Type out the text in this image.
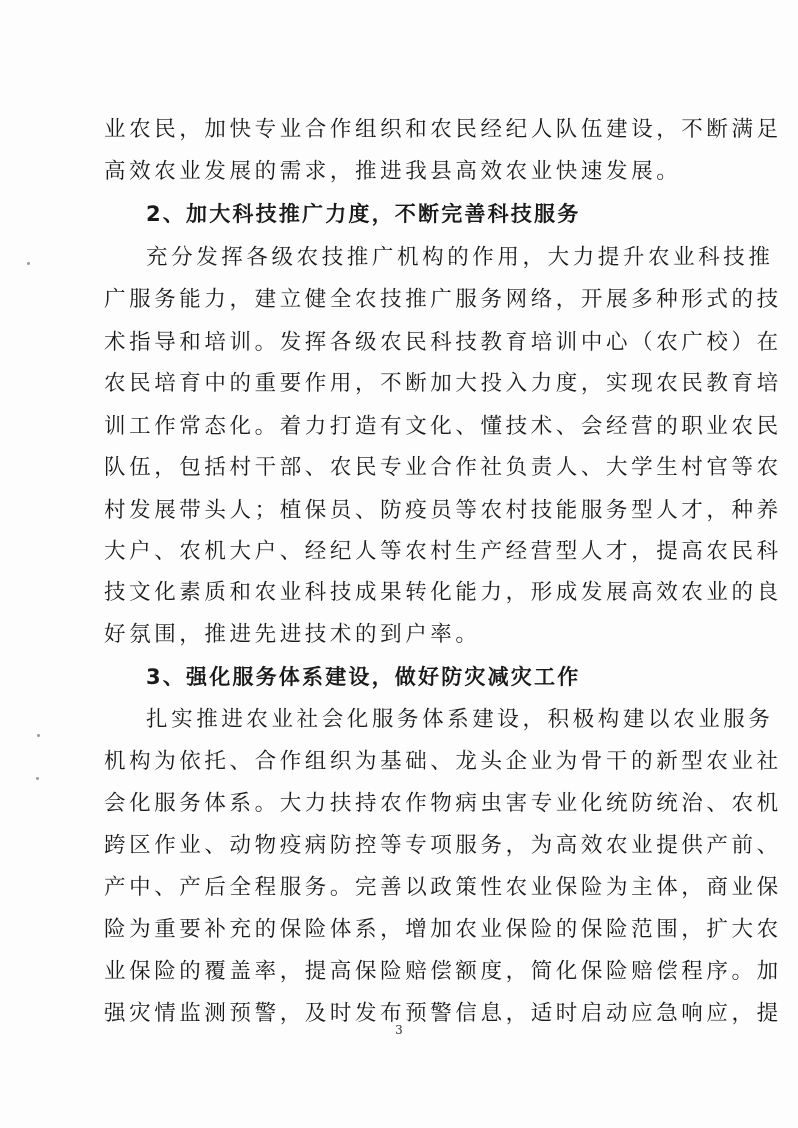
业农民，加快专业合作组织和农民经纪人队伍建设，不断满足
高效农业发展的需求，推进我县高效农业快速发展。
2、加大科技推广力度，不断完善科技服务
充分发挥各级农技推广机构的作用，大力提升农业科技推
广服务能力，建立健全农技推广服务网络，开展多种形式的技
术指导和培训。发挥各级农民科技教育培训中心（农广校）在
农民培育中的重要作用，不断加大投入力度，实现农民教育培
训工作常态化。着力打造有文化、懂技术、会经营的职业农民
队伍，包括村干部、农民专业合作社负责人、大学生村官等农
村发展带头人；植保员、防疫员等农村技能服务型人才，种养
大户、农机大户、经纪人等农村生产经营型人才，提高农民科
技文化素质和农业科技成果转化能力，形成发展高效农业的良
好氛围，推进先进技术的到户率。
3、强化服务体系建设，做好防灾减灾工作
扎实推进农业社会化服务体系建设，积极构建以农业服务
机构为依托、合作组织为基础、龙头企业为骨干的新型农业社
会化服务体系。大力扶持农作物病虫害专业化统防统治、农机
跨区作业、动物疫病防控等专项服务，为高效农业提供产前、
产中、产后全程服务。完善以政策性农业保险为主体，商业保
险为重要补充的保险体系，增加农业保险的保险范围，扩大农
业保险的覆盖率，提高保险赔偿额度，简化保险赔偿程序。加
强灾情监测预警，及时发布预警信息，适时启动应急响应，提
3
